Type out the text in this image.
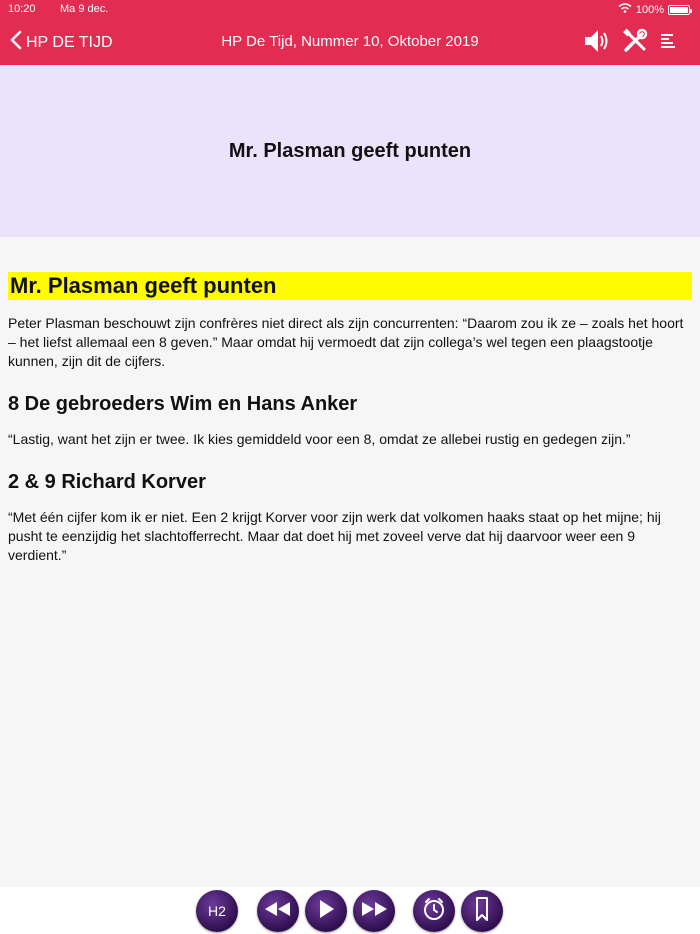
10:20 Ma 9 dec.	100%
HP DE TIJD	HP De Tijd, Nummer 10, Oktober 2019
Mr. Plasman geeft punten
Mr. Plasman geeft punten

Peter Plasman beschouwt zijn confrères niet direct als zijn concurrenten: “Daarom zou ik ze – zoals het hoort – het liefst allemaal een 8 geven.” Maar omdat hij vermoedt dat zijn collega’s wel tegen een plaagstootje kunnen, zijn dit de cijfers.

8 De gebroeders Wim en Hans Anker

“Lastig, want het zijn er twee. Ik kies gemiddeld voor een 8, omdat ze allebei rustig en gedegen zijn.”

2 & 9 Richard Korver

“Met één cijfer kom ik er niet. Een 2 krijgt Korver voor zijn werk dat volkomen haaks staat op het mijne; hij pusht te eenzijdig het slachtofferrecht. Maar dat doet hij met zoveel verve dat hij daarvoor weer een 9 verdient.”

H2
